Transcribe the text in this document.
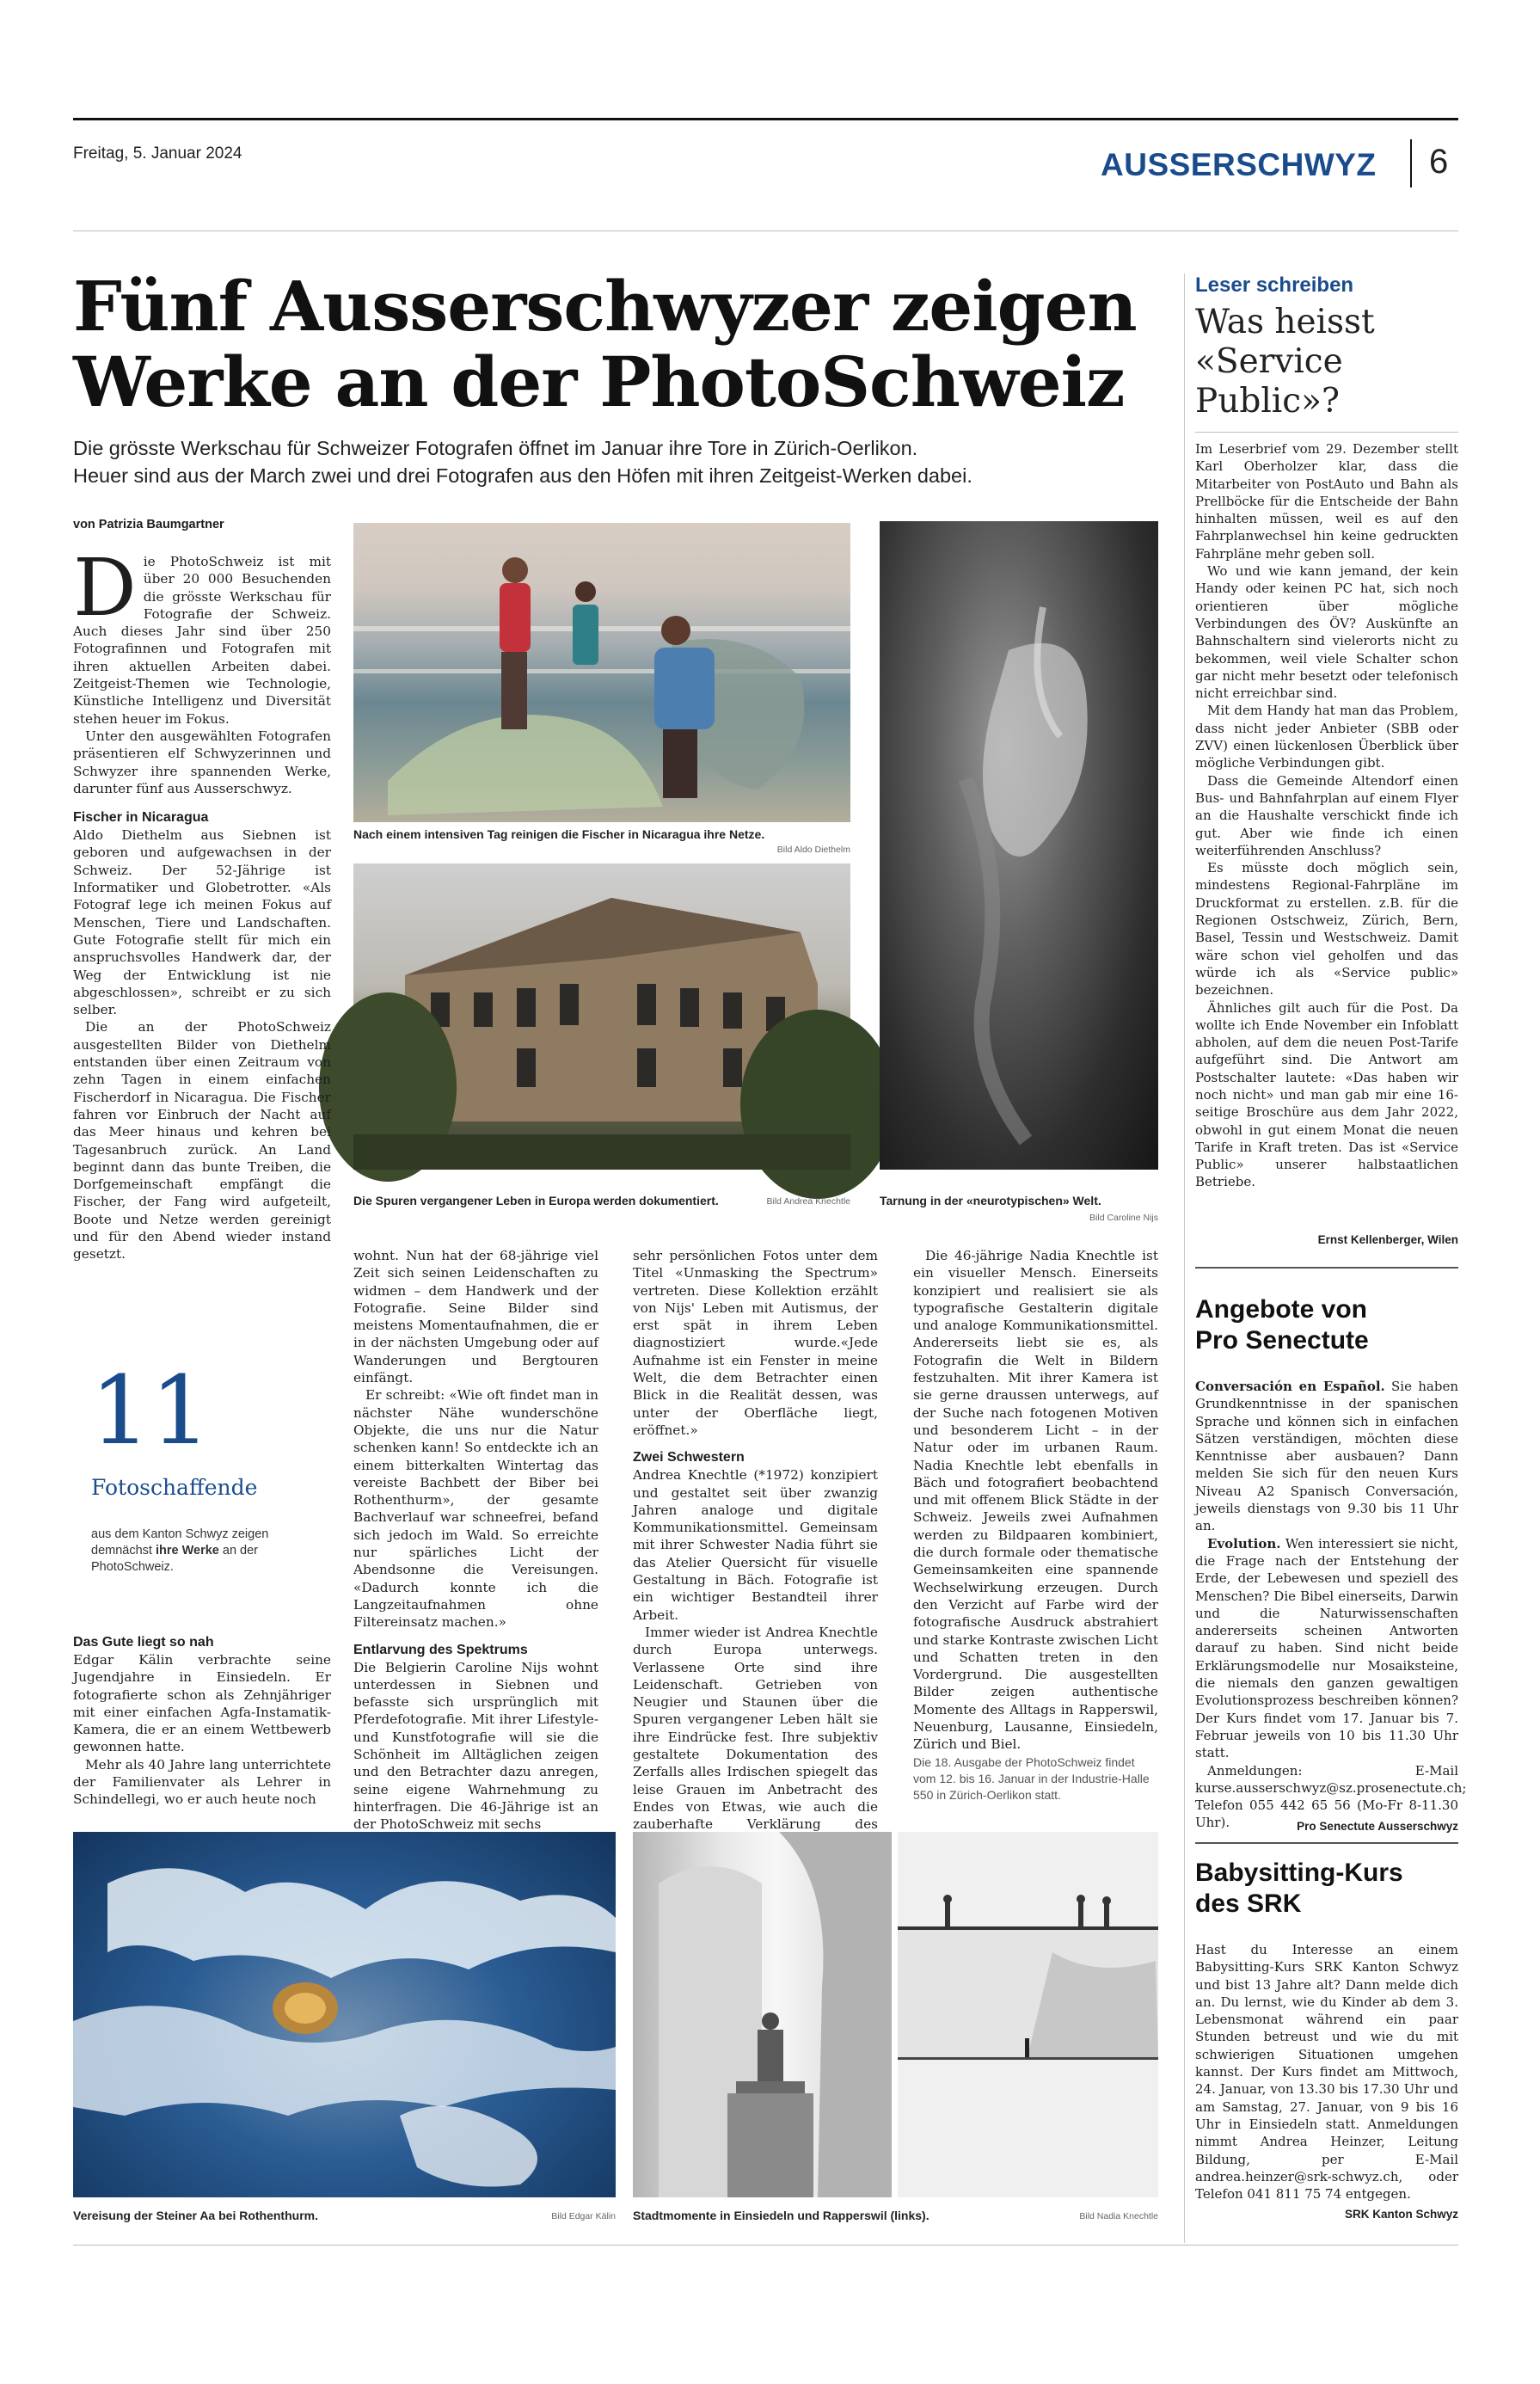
Freitag, 5. Januar 2024	AUSSERSCHWYZ 6
Fünf Ausserschwyzer zeigen
Werke an der PhotoSchweiz
Die grösste Werkschau für Schweizer Fotografen öffnet im Januar ihre Tore in Zürich-Oerlikon.
Heuer sind aus der March zwei und drei Fotografen aus den Höfen mit ihren Zeitgeist-Werken dabei.
Nach einem intensiven Tag reinigen die Fischer in Nicaragua ihre Netze.
Bild Aldo Diethelm
Die Spuren vergangener Leben in Europa werden dokumentiert.	Bild Andrea Knechtle Tarnung in der «neurotypischen» Welt.
Bild Caroline Nijs
von Patrizia Baumgartner
D ie PhotoSchweiz ist mit über 20 000 Besuchenden die grösste Werkschau für Fotografie der Schweiz. Auch dieses Jahr sind über 250 Fotografinnen und Fotografen mit ihren aktuellen Arbeiten dabei. Zeitgeist-Themen wie Technologie, Künstliche Intelligenz und Diversität stehen heuer im Fokus.

Unter den ausgewählten Fotografen präsentieren elf Schwyzerinnen und Schwyzer ihre spannenden Werke, darunter fünf aus Ausserschwyz.

Fischer in Nicaragua

Aldo Diethelm aus Siebnen ist geboren und aufgewachsen in der Schweiz. Der 52-Jährige ist Informatiker und Globetrotter. «Als Fotograf lege ich meinen Fokus auf Menschen, Tiere und Landschaften. Gute Fotografie stellt für mich ein anspruchsvolles Handwerk dar, der Weg der Entwicklung ist nie abgeschlossen», schreibt er zu sich selber.

Die an der PhotoSchweiz ausgestellten Bilder von Diethelm entstanden über einen Zeitraum von zehn Tagen in einem einfachen Fischerdorf in Nicaragua. Die Fischer fahren vor Einbruch der Nacht auf das Meer hinaus und kehren bei Tagesanbruch zurück. An Land beginnt dann das bunte Treiben, die Dorfgemeinschaft empfängt die Fischer, der Fang wird aufgeteilt, Boote und Netze werden gereinigt und für den Abend wieder instand gesetzt.

11
Fotoschaffende
aus dem Kanton Schwyz zeigen demnächst ihre Werke an der PhotoSchweiz.
Das Gute liegt so nah

Edgar Kälin verbrachte seine Jugendjahre in Einsiedeln. Er fotografierte schon als Zehnjähriger mit einer einfachen Agfa-Instamatik-Kamera, die er an einem Wettbewerb gewonnen hatte.

Mehr als 40 Jahre lang unterrichtete der Familienvater als Lehrer in Schindellegi, wo er auch heute noch

wohnt. Nun hat der 68-jährige viel Zeit sich seinen Leidenschaften zu widmen – dem Handwerk und der Fotografie. Seine Bilder sind meistens Momentaufnahmen, die er in der nächsten Umgebung oder auf Wanderungen und Bergtouren einfängt.

Er schreibt: «Wie oft findet man in nächster Nähe wunderschöne Objekte, die uns nur die Natur schenken kann! So entdeckte ich an einem bitterkalten Wintertag das vereiste Bachbett der Biber bei Rothenthurm», der gesamte Bachverlauf war schneefrei, befand sich jedoch im Wald. So erreichte nur spärliches Licht der Abendsonne die Vereisungen. «Dadurch konnte ich die Langzeitaufnahmen ohne Filtereinsatz machen.»

Entlarvung des Spektrums

Die Belgierin Caroline Nijs wohnt unterdessen in Siebnen und befasste sich ursprünglich mit Pferdefotografie. Mit ihrer Lifestyle- und Kunstfotografie will sie die Schönheit im Alltäglichen zeigen und den Betrachter dazu anregen, seine eigene Wahrnehmung zu hinterfragen. Die 46-Jährige ist an der PhotoSchweiz mit sechs

sehr persönlichen Fotos unter dem Titel «Unmasking the Spectrum» vertreten. Diese Kollektion erzählt von Nijs' Leben mit Autismus, der erst spät in ihrem Leben diagnostiziert wurde.«Jede Aufnahme ist ein Fenster in meine Welt, die dem Betrachter einen Blick in die Realität dessen, was unter der Oberfläche liegt, eröffnet.»

Zwei Schwestern

Andrea Knechtle (*1972) konzipiert und gestaltet seit über zwanzig Jahren analoge und digitale Kommunikationsmittel. Gemeinsam mit ihrer Schwester Nadia führt sie das Atelier Quersicht für visuelle Gestaltung in Bäch. Fotografie ist ein wichtiger Bestandteil ihrer Arbeit.

Immer wieder ist Andrea Knechtle durch Europa unterwegs. Verlassene Orte sind ihre Leidenschaft. Getrieben von Neugier und Staunen über die Spuren vergangener Leben hält sie ihre Eindrücke fest. Ihre subjektiv gestaltete Dokumentation des Zerfalls alles Irdischen spiegelt das leise Grauen im Anbetracht des Endes von Etwas, wie auch die zauberhafte Verklärung des

Die 46-jährige Nadia Knechtle ist ein visueller Mensch. Einerseits konzipiert und realisiert sie als typografische Gestalterin digitale und analoge Kommunikationsmittel. Andererseits liebt sie es, als Fotografin die Welt in Bildern festzuhalten. Mit ihrer Kamera ist sie gerne draussen unterwegs, auf der Suche nach fotogenen Motiven und besonderem Licht – in der Natur oder im urbanen Raum. Nadia Knechtle lebt ebenfalls in Bäch und fotografiert beobachtend und mit offenem Blick Städte in der Schweiz. Jeweils zwei Aufnahmen werden zu Bildpaaren kombiniert, die durch formale oder thematische Gemeinsamkeiten eine spannende Wechselwirkung erzeugen. Durch den Verzicht auf Farbe wird der fotografische Ausdruck abstrahiert und starke Kontraste zwischen Licht und Schatten treten in den Vordergrund. Die ausgestellten Bilder zeigen authentische Momente des Alltags in Rapperswil, Neuenburg, Lausanne, Einsiedeln, Zürich und Biel.

Die 18. Ausgabe der PhotoSchweiz findet vom 12. bis 16. Januar in der Industrie-Halle 550 in Zürich-Oerlikon statt.
Vereisung der Steiner Aa bei Rothenthurm.	Bild Edgar Kälin Stadtmomente in Einsiedeln und Rapperswil (links).	Bild Nadia Knechtle
Leser schreiben
Was heisst
«Service
Public»?

Im Leserbrief vom 29. Dezember stellt Karl Oberholzer klar, dass die Mitarbeiter von PostAuto und Bahn als Prellböcke für die Entscheide der Bahn hinhalten müssen, weil es auf den Fahrplanwechsel hin keine gedruckten Fahrpläne mehr geben soll.

Wo und wie kann jemand, der kein Handy oder keinen PC hat, sich noch orientieren über mögliche Verbindungen des ÖV? Auskünfte an Bahnschaltern sind vielerorts nicht zu bekommen, weil viele Schalter schon gar nicht mehr besetzt oder telefonisch nicht erreichbar sind.

Mit dem Handy hat man das Problem, dass nicht jeder Anbieter (SBB oder ZVV) einen lückenlosen Überblick über mögliche Verbindungen gibt.

Dass die Gemeinde Altendorf einen Bus- und Bahnfahrplan auf einem Flyer an die Haushalte verschickt finde ich gut. Aber wie finde ich einen weiterführenden Anschluss?

Es müsste doch möglich sein, mindestens Regional-Fahrpläne im Druckformat zu erstellen. z.B. für die Regionen Ostschweiz, Zürich, Bern, Basel, Tessin und Westschweiz. Damit wäre schon viel geholfen und das würde ich als «Service public» bezeichnen.

Ähnliches gilt auch für die Post. Da wollte ich Ende November ein Infoblatt abholen, auf dem die neuen Post-Tarife aufgeführt sind. Die Antwort am Postschalter lautete: «Das haben wir noch nicht» und man gab mir eine 16-seitige Broschüre aus dem Jahr 2022, obwohl in gut einem Monat die neuen Tarife in Kraft treten. Das ist «Service Public» unserer halbstaatlichen Betriebe.

Ernst Kellenberger, Wilen
Angebote von
Pro Senectute

Conversación en Español. Sie haben Grundkenntnisse in der spanischen Sprache und können sich in einfachen Sätzen verständigen, möchten diese Kenntnisse aber ausbauen? Dann melden Sie sich für den neuen Kurs Niveau A2 Spanisch Conversación, jeweils dienstags von 9.30 bis 11 Uhr an.

Evolution. Wen interessiert sie nicht, die Frage nach der Entstehung der Erde, der Lebewesen und speziell des Menschen? Die Bibel einerseits, Darwin und die Naturwissenschaften andererseits scheinen Antworten darauf zu haben. Sind nicht beide Erklärungsmodelle nur Mosaiksteine, die niemals den ganzen gewaltigen Evolutionsprozess beschreiben können? Der Kurs findet vom 17. Januar bis 7. Februar jeweils von 10 bis 11.30 Uhr statt.

Anmeldungen: E-Mail kurse.ausserschwyz@sz.prosenectute.ch; Telefon 055 442 65 56 (Mo-Fr 8-11.30 Uhr).	Pro Senectute Ausserschwyz
Babysitting-Kurs
des SRK

Hast du Interesse an einem Babysitting-Kurs SRK Kanton Schwyz und bist 13 Jahre alt? Dann melde dich an. Du lernst, wie du Kinder ab dem 3. Lebensmonat während ein paar Stunden betreust und wie du mit schwierigen Situationen umgehen kannst. Der Kurs findet am Mittwoch, 24. Januar, von 13.30 bis 17.30 Uhr und am Samstag, 27. Januar, von 9 bis 16 Uhr in Einsiedeln statt. Anmeldungen nimmt Andrea Heinzer, Leitung Bildung, per E-Mail andrea.heinzer@srk-schwyz.ch, oder Telefon 041 811 75 74 entgegen.

SRK Kanton Schwyz
